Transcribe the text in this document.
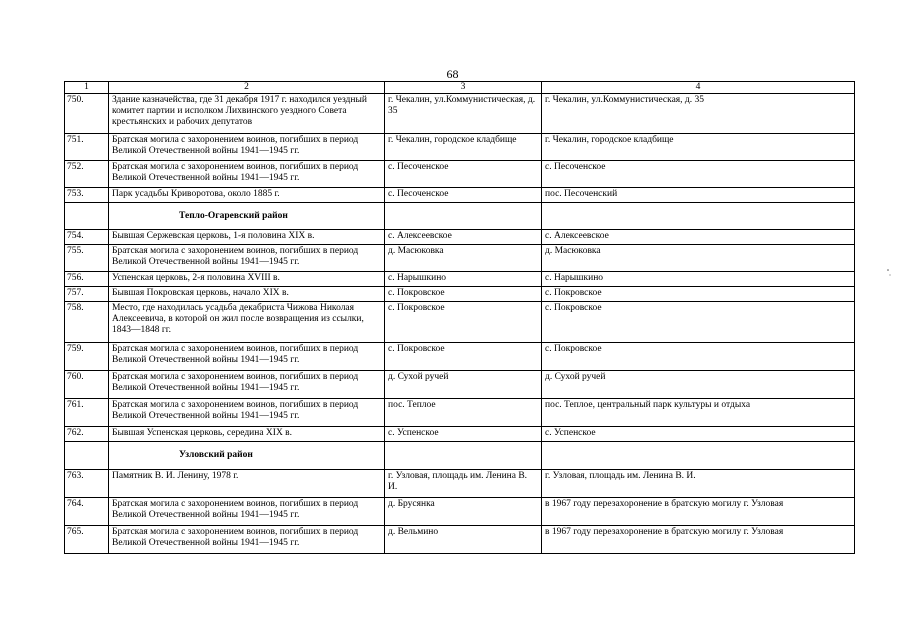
68
1	2	3	4
750.	Здание казначейства, где 31 декабря 1917 г. находился уездный комитет партии и исполком Лихвинского уездного Совета крестьянских и рабочих депутатов	г. Чекалин, ул.Коммунистическая, д. 35	г. Чекалин, ул.Коммунистическая, д. 35
751.	Братская могила с захоронением воинов, погибших в период Великой Отечественной войны 1941—1945 гг.	г. Чекалин, городское кладбище	г. Чекалин, городское кладбище
752.	Братская могила с захоронением воинов, погибших в период Великой Отечественной войны 1941—1945 гг.	с. Песоченское	с. Песоченское
753.	Парк усадьбы Криворотова, около 1885 г.	с. Песоченское	пос. Песоченский
	Тепло-Огаревский район		
754.	Бывшая Сержевская церковь, 1-я половина XIX в.	с. Алексеевское	с. Алексеевское
755.	Братская могила с захоронением воинов, погибших в период Великой Отечественной войны 1941—1945 гг.	д. Масюковка	д. Масюковка
756.	Успенская церковь, 2-я половина XVIII в.	с. Нарышкино	с. Нарышкино
757.	Бывшая Покровская церковь, начало XIX в.	с. Покровское	с. Покровское
758.	Место, где находилась усадьба декабриста Чижова Николая Алексеевича, в которой он жил после возвращения из ссылки, 1843—1848 гг.	с. Покровское	с. Покровское
759.	Братская могила с захоронением воинов, погибших в период Великой Отечественной войны 1941—1945 гг.	с. Покровское	с. Покровское
760.	Братская могила с захоронением воинов, погибших в период Великой Отечественной войны 1941—1945 гг.	д. Сухой ручей	д. Сухой ручей
761.	Братская могила с захоронением воинов, погибших в период Великой Отечественной войны 1941—1945 гг.	пос. Теплое	пос. Теплое, центральный парк культуры и отдыха
762.	Бывшая Успенская церковь, середина XIX в.	с. Успенское	с. Успенское
	Узловский район		
763.	Памятник В. И. Ленину, 1978 г.	г. Узловая, площадь им. Ленина В. И.	г. Узловая, площадь им. Ленина В. И.
764.	Братская могила с захоронением воинов, погибших в период Великой Отечественной войны 1941—1945 гг.	д. Брусянка	в 1967 году перезахоронение в братскую могилу г. Узловая
765.	Братская могила с захоронением воинов, погибших в период Великой Отечественной войны 1941—1945 гг.	д. Вельмино	в 1967 году перезахоронение в братскую могилу г. Узловая
